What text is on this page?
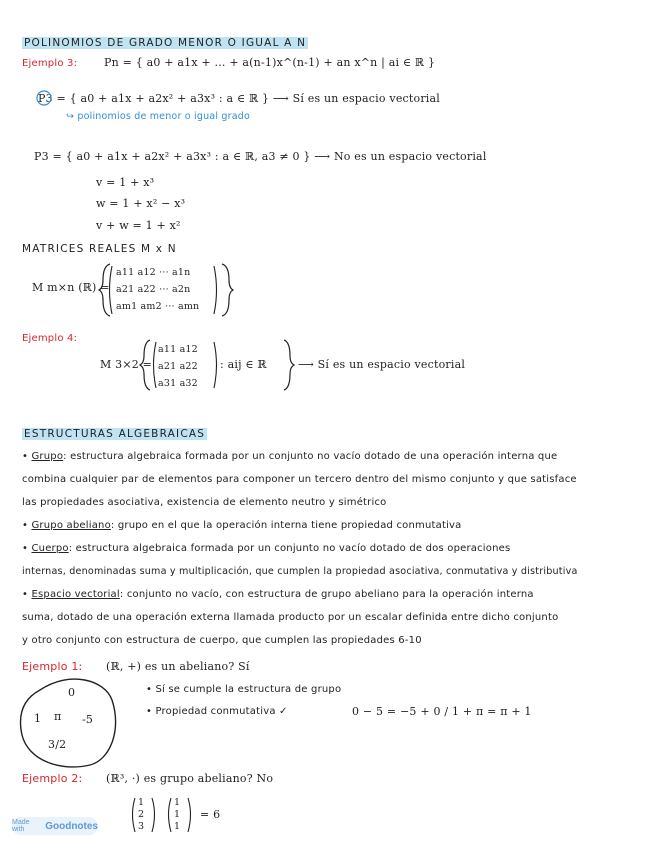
POLINOMIOS DE GRADO MENOR O IGUAL A N
Ejemplo 3: Pn = { a0 + a1x + ... + a(n-1)x^(n-1) + an x^n | ai ∈ ℝ }
P3 = { a0 + a1x + a2x² + a3x³ : a ∈ ℝ } ⟶ Sí es un espacio vectorial
↪ polinomios de menor o igual grado
P3 = { a0 + a1x + a2x² + a3x³ : a ∈ ℝ, a3 ≠ 0 } ⟶ No es un espacio vectorial
v = 1 + x³
w = 1 + x² − x³
v + w = 1 + x²
MATRICES REALES M x N
M m×n (ℝ) =
a11 a12 ··· a1n
a21 a22 ··· a2n
am1 am2 ··· amn
Ejemplo 4:
M 3×2 =
a11 a12
a21 a22
a31 a32
: aij ∈ ℝ	⟶ Sí es un espacio vectorial
ESTRUCTURAS ALGEBRAICAS
• Grupo: estructura algebraica formada por un conjunto no vacío dotado de una operación interna que
combina cualquier par de elementos para componer un tercero dentro del mismo conjunto y que satisface
las propiedades asociativa, existencia de elemento neutro y simétrico
• Grupo abeliano: grupo en el que la operación interna tiene propiedad conmutativa
• Cuerpo: estructura algebraica formada por un conjunto no vacío dotado de dos operaciones
internas, denominadas suma y multiplicación, que cumplen la propiedad asociativa, conmutativa y distributiva
• Espacio vectorial: conjunto no vacío, con estructura de grupo abeliano para la operación interna
suma, dotado de una operación externa llamada producto por un escalar definida entre dicho conjunto
y otro conjunto con estructura de cuerpo, que cumplen las propiedades 6-10
Ejemplo 1: (ℝ, +) es un abeliano? Sí
0
1 π -5
3/2
• Sí se cumple la estructura de grupo
• Propiedad conmutativa ✓	0 − 5 = −5 + 0 / 1 + π = π + 1
Ejemplo 2: (ℝ³, ·) es grupo abeliano? No
1
2
3
1
1
1
= 6
Made with	Goodnotes
